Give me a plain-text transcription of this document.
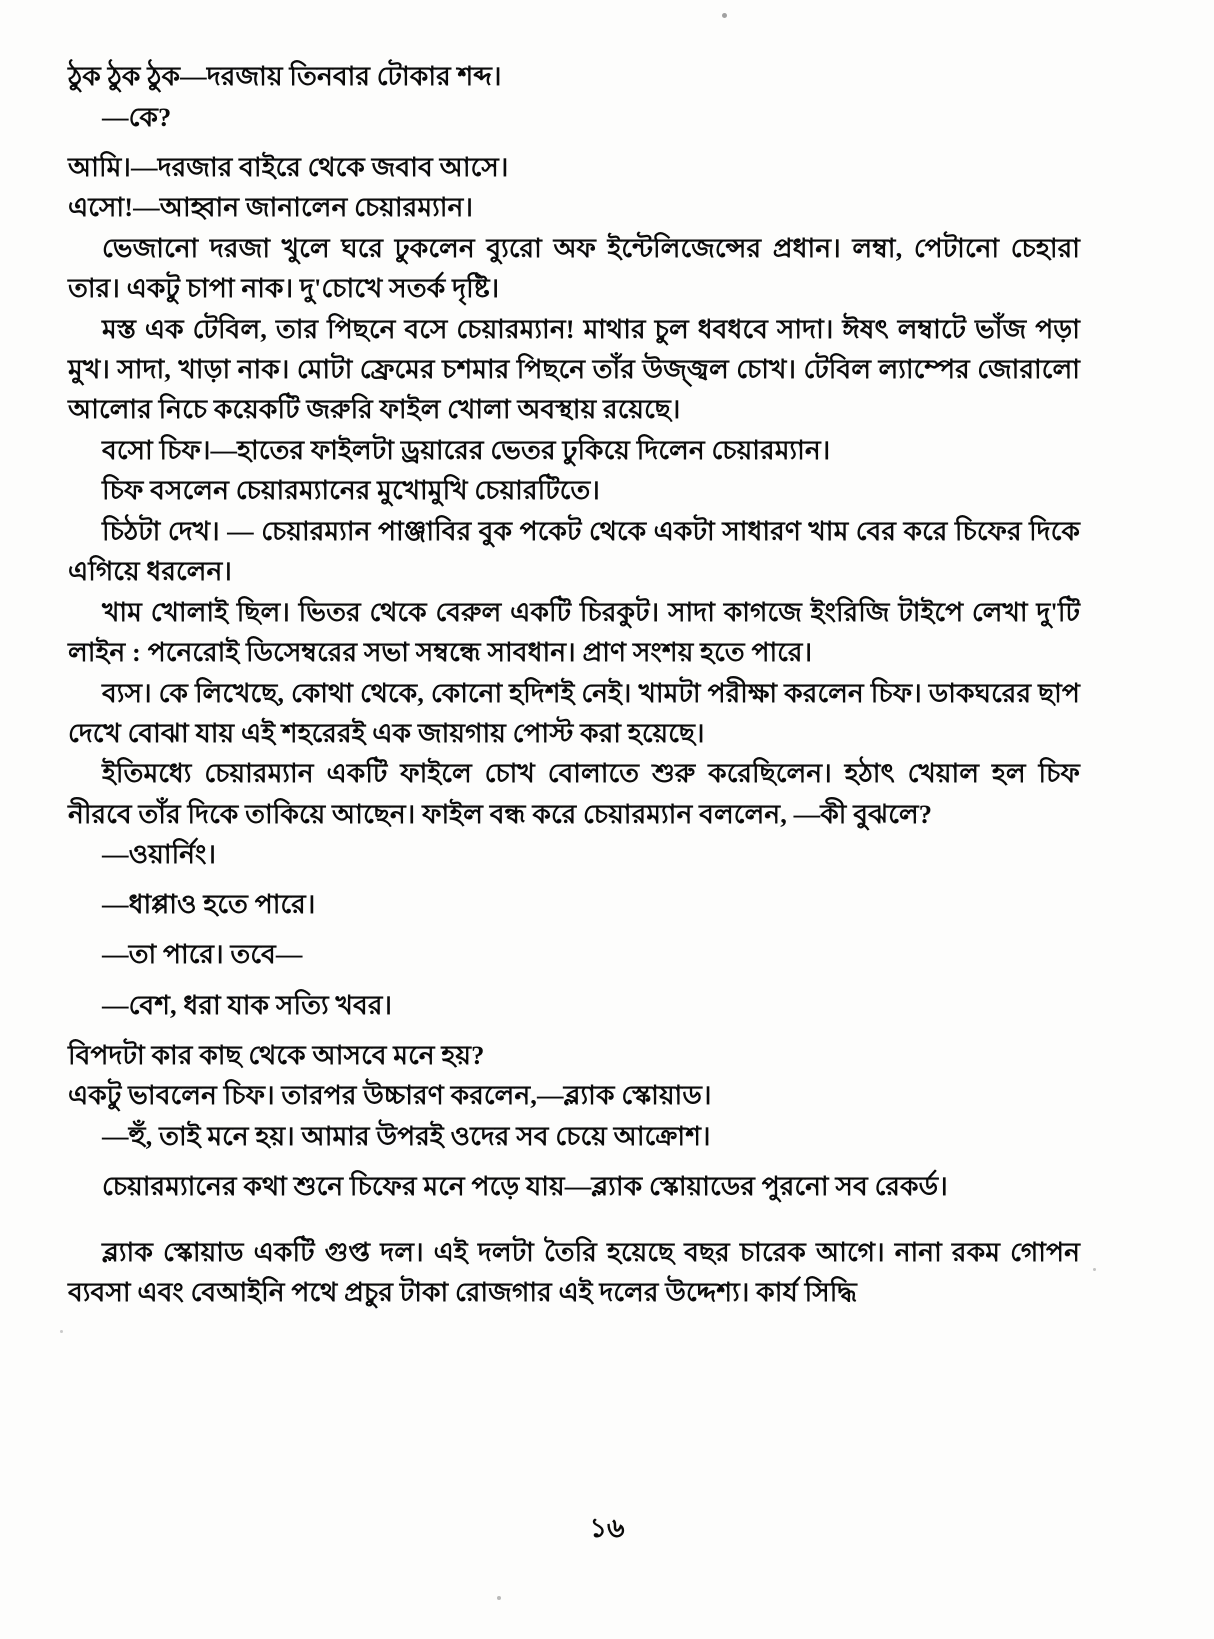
ঠুক ঠুক ঠুক—দরজায় তিনবার টোকার শব্দ।

—কে?

আমি।—দরজার বাইরে থেকে জবাব আসে।

এসো!—আহ্বান জানালেন চেয়ারম্যান।

ভেজানো দরজা খুলে ঘরে ঢুকলেন ব্যুরো অফ ইন্টেলিজেন্সের প্রধান। লম্বা, পেটানো চেহারা তার। একটু চাপা নাক। দু'চোখে সতর্ক দৃষ্টি।

মস্ত এক টেবিল, তার পিছনে বসে চেয়ারম্যান! মাথার চুল ধবধবে সাদা। ঈষৎ লম্বাটে ভাঁজ পড়া মুখ। সাদা, খাড়া নাক। মোটা ফ্রেমের চশমার পিছনে তাঁর উজ্জ্বল চোখ। টেবিল ল্যাম্পের জোরালো আলোর নিচে কয়েকটি জরুরি ফাইল খোলা অবস্থায় রয়েছে।

বসো চিফ।—হাতের ফাইলটা ড্রয়ারের ভেতর ঢুকিয়ে দিলেন চেয়ারম্যান।

চিফ বসলেন চেয়ারম্যানের মুখোমুখি চেয়ারটিতে।

চিঠটা দেখ। — চেয়ারম্যান পাঞ্জাবির বুক পকেট থেকে একটা সাধারণ খাম বের করে চিফের দিকে এগিয়ে ধরলেন।

খাম খোলাই ছিল। ভিতর থেকে বেরুল একটি চিরকুট। সাদা কাগজে ইংরিজি টাইপে লেখা দু'টি লাইন : পনেরোই ডিসেম্বরের সভা সম্বন্ধে সাবধান। প্রাণ সংশয় হতে পারে।

ব্যস। কে লিখেছে, কোথা থেকে, কোনো হদিশই নেই। খামটা পরীক্ষা করলেন চিফ। ডাকঘরের ছাপ দেখে বোঝা যায় এই শহরেরই এক জায়গায় পোস্ট করা হয়েছে।

ইতিমধ্যে চেয়ারম্যান একটি ফাইলে চোখ বোলাতে শুরু করেছিলেন। হঠাৎ খেয়াল হল চিফ নীরবে তাঁর দিকে তাকিয়ে আছেন। ফাইল বন্ধ করে চেয়ারম্যান বললেন, —কী বুঝলে?

—ওয়ার্নিং।

—ধাপ্পাও হতে পারে।

—তা পারে। তবে—

—বেশ, ধরা যাক সত্যি খবর।

বিপদটা কার কাছ থেকে আসবে মনে হয়?

একটু ভাবলেন চিফ। তারপর উচ্চারণ করলেন,—ব্ল্যাক স্কোয়াড।

—হুঁ, তাই মনে হয়। আমার উপরই ওদের সব চেয়ে আক্রোশ।

চেয়ারম্যানের কথা শুনে চিফের মনে পড়ে যায়—ব্ল্যাক স্কোয়াডের পুরনো সব রেকর্ড।

ব্ল্যাক স্কোয়াড একটি গুপ্ত দল। এই দলটা তৈরি হয়েছে বছর চারেক আগে। নানা রকম গোপন ব্যবসা এবং বেআইনি পথে প্রচুর টাকা রোজগার এই দলের উদ্দেশ্য। কার্য সিদ্ধি

১৬
